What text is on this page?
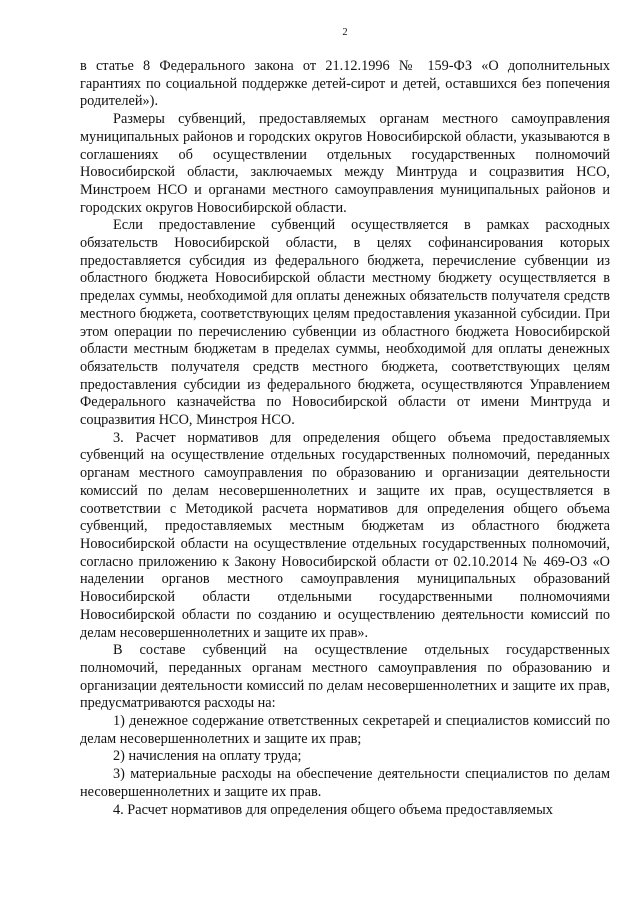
2

в статье 8 Федерального закона от 21.12.1996 № 159-ФЗ «О дополнительных гарантиях по социальной поддержке детей-сирот и детей, оставшихся без попечения родителей»).

Размеры субвенций, предоставляемых органам местного самоуправления муниципальных районов и городских округов Новосибирской области, указываются в соглашениях об осуществлении отдельных государственных полномочий Новосибирской области, заключаемых между Минтруда и соцразвития НСО, Минстроем НСО и органами местного самоуправления муниципальных районов и городских округов Новосибирской области.

Если предоставление субвенций осуществляется в рамках расходных обязательств Новосибирской области, в целях софинансирования которых предоставляется субсидия из федерального бюджета, перечисление субвенции из областного бюджета Новосибирской области местному бюджету осуществляется в пределах суммы, необходимой для оплаты денежных обязательств получателя средств местного бюджета, соответствующих целям предоставления указанной субсидии. При этом операции по перечислению субвенции из областного бюджета Новосибирской области местным бюджетам в пределах суммы, необходимой для оплаты денежных обязательств получателя средств местного бюджета, соответствующих целям предоставления субсидии из федерального бюджета, осуществляются Управлением Федерального казначейства по Новосибирской области от имени Минтруда и соцразвития НСО, Минстроя НСО.

3. Расчет нормативов для определения общего объема предоставляемых субвенций на осуществление отдельных государственных полномочий, переданных органам местного самоуправления по образованию и организации деятельности комиссий по делам несовершеннолетних и защите их прав, осуществляется в соответствии с Методикой расчета нормативов для определения общего объема субвенций, предоставляемых местным бюджетам из областного бюджета Новосибирской области на осуществление отдельных государственных полномочий, согласно приложению к Закону Новосибирской области от 02.10.2014 № 469-ОЗ «О наделении органов местного самоуправления муниципальных образований Новосибирской области отдельными государственными полномочиями Новосибирской области по созданию и осуществлению деятельности комиссий по делам несовершеннолетних и защите их прав».

В составе субвенций на осуществление отдельных государственных полномочий, переданных органам местного самоуправления по образованию и организации деятельности комиссий по делам несовершеннолетних и защите их прав, предусматриваются расходы на:

1) денежное содержание ответственных секретарей и специалистов комиссий по делам несовершеннолетних и защите их прав;

2) начисления на оплату труда;

3) материальные расходы на обеспечение деятельности специалистов по делам несовершеннолетних и защите их прав.

4. Расчет нормативов для определения общего объема предоставляемых
